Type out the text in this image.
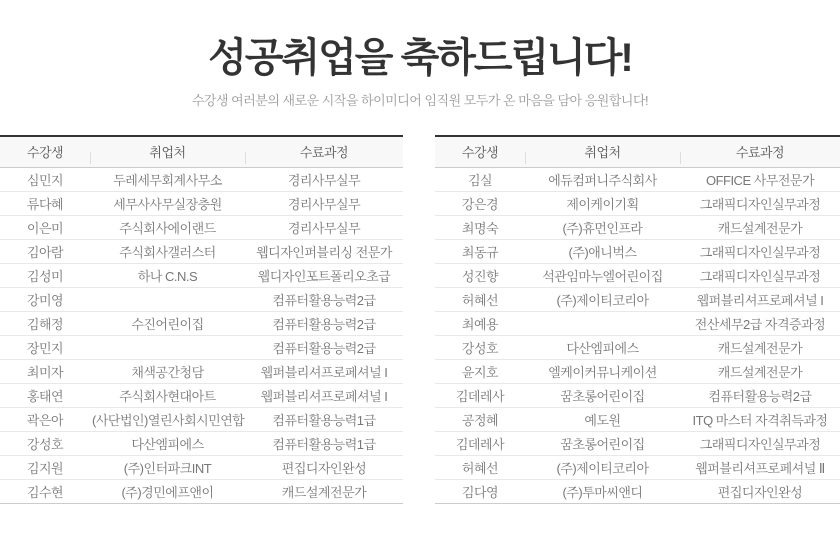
성공취업을 축하드립니다!
수강생 여러분의 새로운 시작을 하이미디어 임직원 모두가 온 마음을 담아 응원합니다!
수강생	취업처	수료과정
심민지	두레세무회계사무소	경리사무실무
류다혜	세무사사무실장충원	경리사무실무
이은미	주식회사에이랜드	경리사무실무
김아람	주식회사갤러스터	웹디자인퍼블리싱 전문가
김성미	하나 C.N.S	웹디자인포트폴리오초급
강미영		컴퓨터활용능력2급
김해정	수진어린이집	컴퓨터활용능력2급
장민지		컴퓨터활용능력2급
최미자	채색공간청담	웹퍼블리셔프로페셔널 I
홍태연	주식회사현대아트	웹퍼블리셔프로페셔널 I
곽은아	(사단법인)열린사회시민연합	컴퓨터활용능력1급
강성호	다산엠피에스	컴퓨터활용능력1급
김지원	(주)인터파크INT	편집디자인완성
김수현	(주)경민에프앤이	캐드설계전문가
수강생	취업처	수료과정
김실	에듀컴퍼니주식회사	OFFICE 사무전문가
강은경	제이케이기획	그래픽디자인실무과정
최명숙	(주)휴먼인프라	캐드설계전문가
최동규	(주)애니벅스	그래픽디자인실무과정
성진향	석관임마누엘어린이집	그래픽디자인실무과정
허혜선	(주)제이티코리아	웹퍼블리셔프로페셔널 I
최예용		전산세무2급 자격증과정
강성호	다산엠피에스	캐드설계전문가
윤지호	엘케이커뮤니케이션	캐드설계전문가
김데레사	꿈초롱어린이집	컴퓨터활용능력2급
공정혜	예도원	ITQ 마스터 자격취득과정
김데레사	꿈초롱어린이집	그래픽디자인실무과정
허혜선	(주)제이티코리아	웹퍼블리셔프로페셔널 Ⅱ
김다영	(주)투마씨앤디	편집디자인완성
